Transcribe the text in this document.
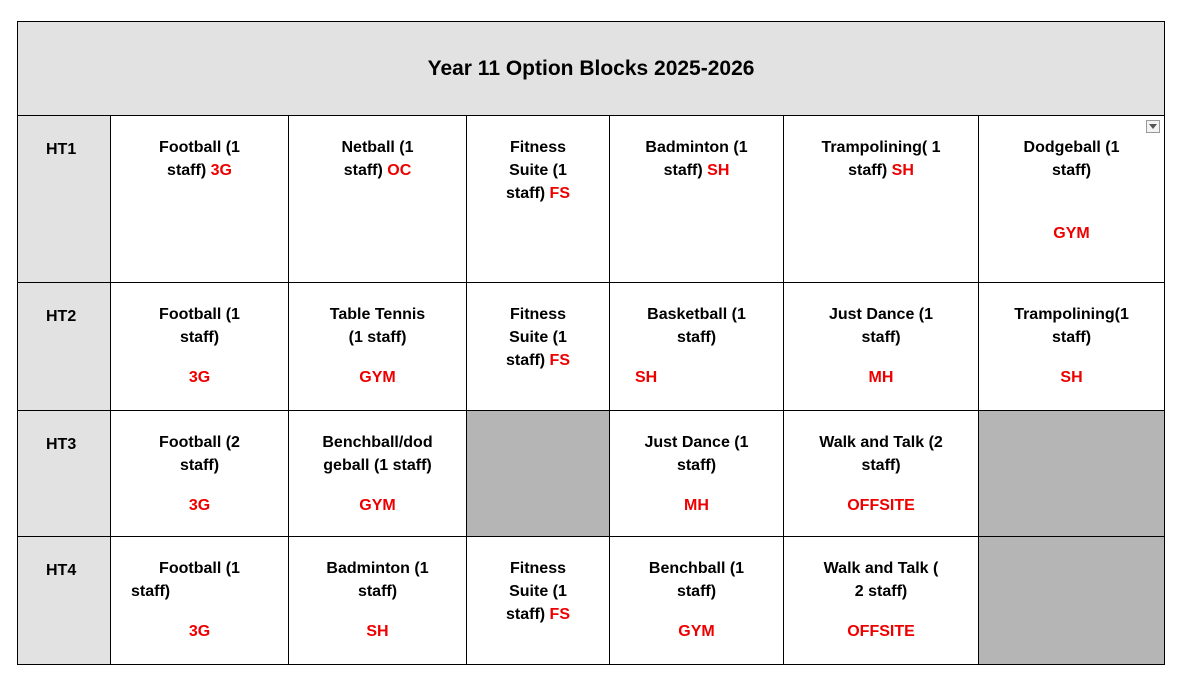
Year 11 Option Blocks 2025-2026						

HT1	Football (1
staff) 3G	Netball (1
staff) OC	Fitness
Suite (1
staff) FS	Badminton (1
staff) SH	Trampolining( 1
staff) SH	Dodgeball (1
staff)
GYM

HT2	Football (1
staff)
3G	Table Tennis
(1 staff)
GYM	Fitness
Suite (1
staff) FS	Basketball (1
staff)
SH	Just Dance (1
staff)
MH	Trampolining(1
staff)
SH

HT3	Football (2
staff)
3G	Benchball/dod
geball (1 staff)
GYM		Just Dance (1
staff)
MH	Walk and Talk (2
staff)
OFFSITE	

HT4	Football (1
staff)
3G	Badminton (1
staff)
SH	Fitness
Suite (1
staff) FS	Benchball (1
staff)
GYM	Walk and Talk (
2 staff)
OFFSITE	
